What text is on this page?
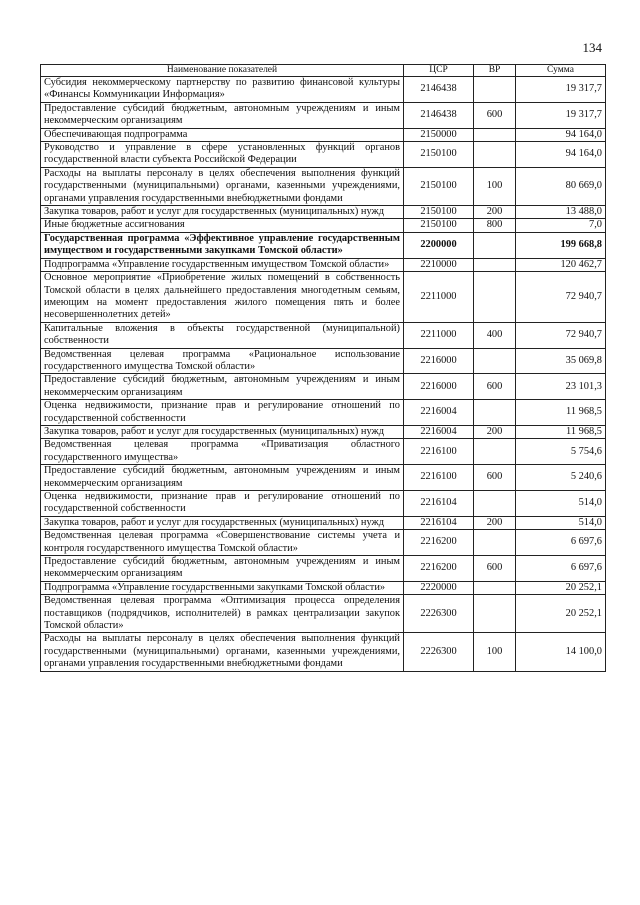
134
Наименование показателей	ЦСР	ВР	Сумма
Субсидия некоммерческому партнерству по развитию финансовой культуры «Финансы Коммуникации Информация»	2146438		19 317,7
Предоставление субсидий бюджетным, автономным учреждениям и иным некоммерческим организациям	2146438	600	19 317,7
Обеспечивающая подпрограмма	2150000		94 164,0
Руководство и управление в сфере установленных функций органов государственной власти субъекта Российской Федерации	2150100		94 164,0
Расходы на выплаты персоналу в целях обеспечения выполнения функций государственными (муниципальными) органами, казенными учреждениями, органами управления государственными внебюджетными фондами	2150100	100	80 669,0
Закупка товаров, работ и услуг для государственных (муниципальных) нужд	2150100	200	13 488,0
Иные бюджетные ассигнования	2150100	800	7,0
Государственная программа «Эффективное управление государственным имуществом и государственными закупками Томской области»	2200000		199 668,8
Подпрограмма «Управление государственным имуществом Томской области»	2210000		120 462,7
Основное мероприятие «Приобретение жилых помещений в собственность Томской области в целях дальнейшего предоставления многодетным семьям, имеющим на момент предоставления жилого помещения пять и более несовершеннолетних детей»	2211000		72 940,7
Капитальные вложения в объекты государственной (муниципальной) собственности	2211000	400	72 940,7
Ведомственная целевая программа «Рациональное использование государственного имущества Томской области»	2216000		35 069,8
Предоставление субсидий бюджетным, автономным учреждениям и иным некоммерческим организациям	2216000	600	23 101,3
Оценка недвижимости, признание прав и регулирование отношений по государственной собственности	2216004		11 968,5
Закупка товаров, работ и услуг для государственных (муниципальных) нужд	2216004	200	11 968,5
Ведомственная целевая программа «Приватизация областного государственного имущества»	2216100		5 754,6
Предоставление субсидий бюджетным, автономным учреждениям и иным некоммерческим организациям	2216100	600	5 240,6
Оценка недвижимости, признание прав и регулирование отношений по государственной собственности	2216104		514,0
Закупка товаров, работ и услуг для государственных (муниципальных) нужд	2216104	200	514,0
Ведомственная целевая программа «Совершенствование системы учета и контроля государственного имущества Томской области»	2216200		6 697,6
Предоставление субсидий бюджетным, автономным учреждениям и иным некоммерческим организациям	2216200	600	6 697,6
Подпрограмма «Управление государственными закупками Томской области»	2220000		20 252,1
Ведомственная целевая программа «Оптимизация процесса определения поставщиков (подрядчиков, исполнителей) в рамках централизации закупок Томской области»	2226300		20 252,1
Расходы на выплаты персоналу в целях обеспечения выполнения функций государственными (муниципальными) органами, казенными учреждениями, органами управления государственными внебюджетными фондами	2226300	100	14 100,0
